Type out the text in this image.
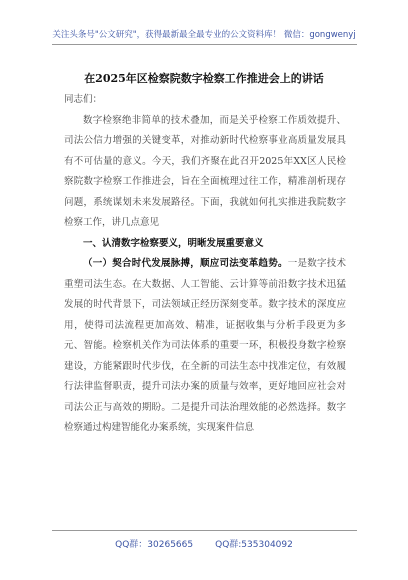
关注头条号"公文研究"，获得最新最全最专业的公文资料库！ 微信：gongwenyj
在2025年区检察院数字检察工作推进会上的讲话

同志们：

数字检察绝非简单的技术叠加，而是关乎检察工作质效提升、司法公信力增强的关键变革，对推动新时代检察事业高质量发展具有不可估量的意义。今天，我们齐聚在此召开2025年XX区人民检察院数字检察工作推进会，旨在全面梳理过往工作，精准剖析现存问题，系统谋划未来发展路径。下面，我就如何扎实推进我院数字检察工作，讲几点意见

一、认清数字检察要义，明晰发展重要意义

（一）契合时代发展脉搏，顺应司法变革趋势。一是数字技术重塑司法生态。在大数据、人工智能、云计算等前沿数字技术迅猛发展的时代背景下，司法领域正经历深刻变革。数字技术的深度应用，使得司法流程更加高效、精准，证据收集与分析手段更为多元、智能。检察机关作为司法体系的重要一环，积极投身数字检察建设，方能紧跟时代步伐，在全新的司法生态中找准定位，有效履行法律监督职责，提升司法办案的质量与效率，更好地回应社会对司法公正与高效的期盼。二是提升司法治理效能的必然选择。数字检察通过构建智能化办案系统，实现案件信息

QQ群：30265665 QQ群:535304092
